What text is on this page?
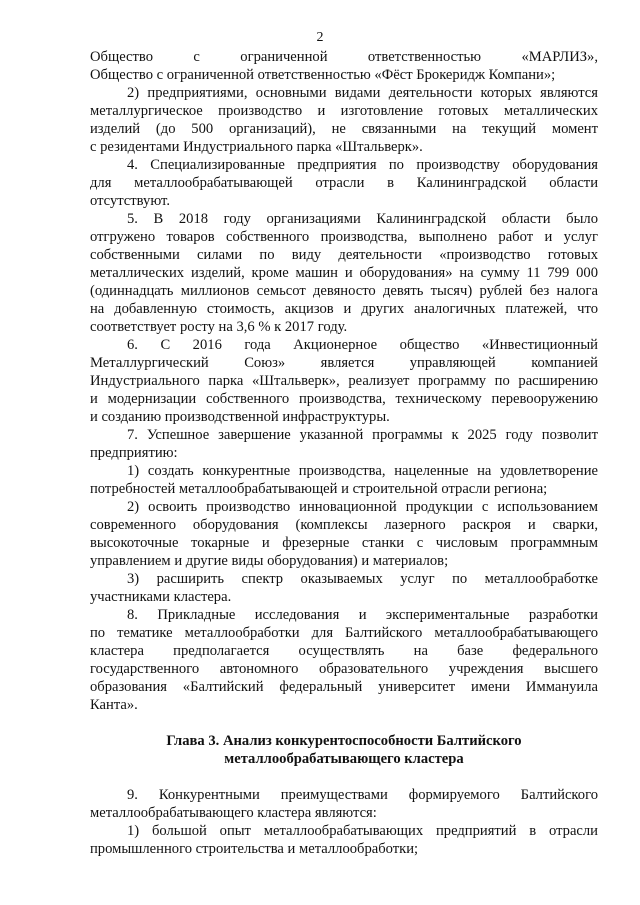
2
Общество с ограниченной ответственностью «МАРЛИЗ»,
Общество с ограниченной ответственностью «Фёст Брокеридж Компани»;
2) предприятиями, основными видами деятельности которых являются
металлургическое производство и изготовление готовых металлических
изделий (до 500 организаций), не связанными на текущий момент
с резидентами Индустриального парка «Штальверк».
4. Специализированные предприятия по производству оборудования
для металлообрабатывающей отрасли в Калининградской области
отсутствуют.
5. В 2018 году организациями Калининградской области было
отгружено товаров собственного производства, выполнено работ и услуг
собственными силами по виду деятельности «производство готовых
металлических изделий, кроме машин и оборудования» на сумму 11 799 000
(одиннадцать миллионов семьсот девяносто девять тысяч) рублей без налога
на добавленную стоимость, акцизов и других аналогичных платежей, что
соответствует росту на 3,6 % к 2017 году.
6. С 2016 года Акционерное общество «Инвестиционный
Металлургический Союз» является управляющей компанией
Индустриального парка «Штальверк», реализует программу по расширению
и модернизации собственного производства, техническому перевооружению
и созданию производственной инфраструктуры.
7. Успешное завершение указанной программы к 2025 году позволит
предприятию:
1) создать конкурентные производства, нацеленные на удовлетворение
потребностей металлообрабатывающей и строительной отрасли региона;
2) освоить производство инновационной продукции с использованием
современного оборудования (комплексы лазерного раскроя и сварки,
высокоточные токарные и фрезерные станки с числовым программным
управлением и другие виды оборудования) и материалов;
3) расширить спектр оказываемых услуг по металлообработке
участниками кластера.
8. Прикладные исследования и экспериментальные разработки
по тематике металлообработки для Балтийского металлообрабатывающего
кластера предполагается осуществлять на базе федерального
государственного автономного образовательного учреждения высшего
образования «Балтийский федеральный университет имени Иммануила
Канта».
Глава 3. Анализ конкурентоспособности Балтийского
металлообрабатывающего кластера
9. Конкурентными преимуществами формируемого Балтийского
металлообрабатывающего кластера являются:
1) большой опыт металлообрабатывающих предприятий в отрасли
промышленного строительства и металлообработки;
